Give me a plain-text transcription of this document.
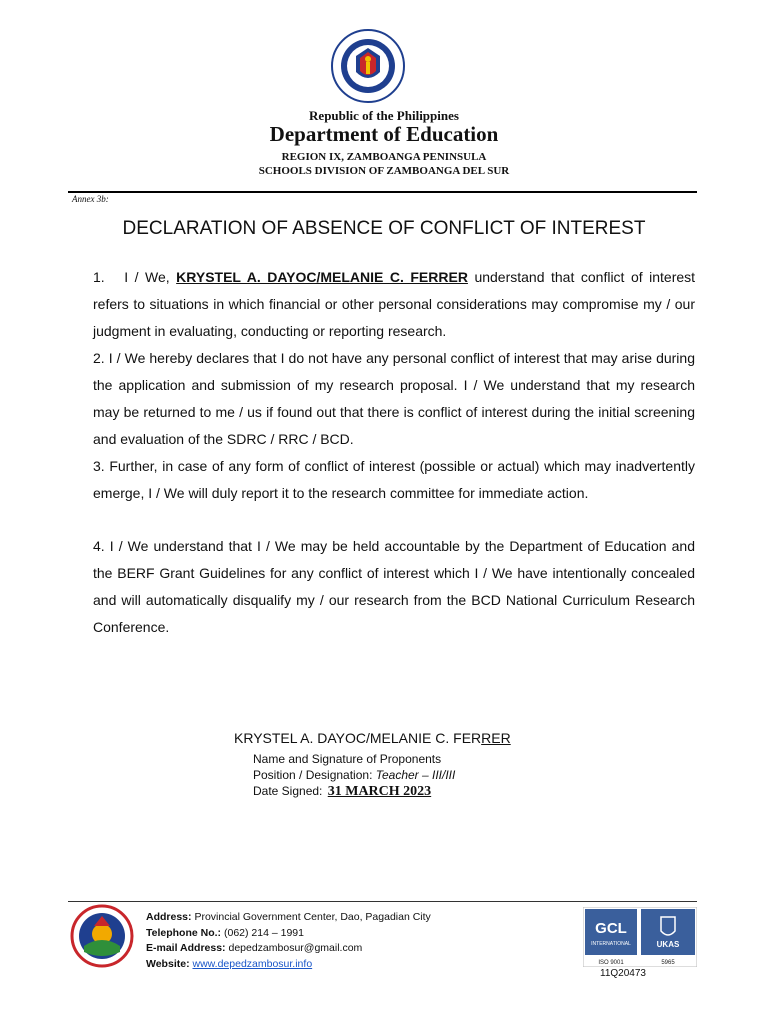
Republic of the Philippines
Department of Education
REGION IX, ZAMBOANGA PENINSULA
SCHOOLS DIVISION OF ZAMBOANGA DEL SUR
Annex 3b:
DECLARATION OF ABSENCE OF CONFLICT OF INTEREST
1. I / We, KRYSTEL A. DAYOC/MELANIE C. FERRER understand that conflict of interest refers to situations in which financial or other personal considerations may compromise my / our judgment in evaluating, conducting or reporting research.
2. I / We hereby declares that I do not have any personal conflict of interest that may arise during the application and submission of my research proposal. I / We understand that my research may be returned to me / us if found out that there is conflict of interest during the initial screening and evaluation of the SDRC / RRC / BCD.
3. Further, in case of any form of conflict of interest (possible or actual) which may inadvertently emerge, I / We will duly report it to the research committee for immediate action.
4. I / We understand that I / We may be held accountable by the Department of Education and the BERF Grant Guidelines for any conflict of interest which I / We have intentionally concealed and will automatically disqualify my / our research from the BCD National Curriculum Research Conference.
KRYSTEL A. DAYOC/MELANIE C. FERRER
Name and Signature of Proponents
Position / Designation: Teacher – III/III
Date Signed: 31 MARCH 2023
Address: Provincial Government Center, Dao, Pagadian City
Telephone No.: (062) 214 – 1991
E-mail Address: depedzambosur@gmail.com
Website: www.depedzambosur.info
GCL
INTERNATIONAL	UKAS
ISO 9001	5965
11Q20473
